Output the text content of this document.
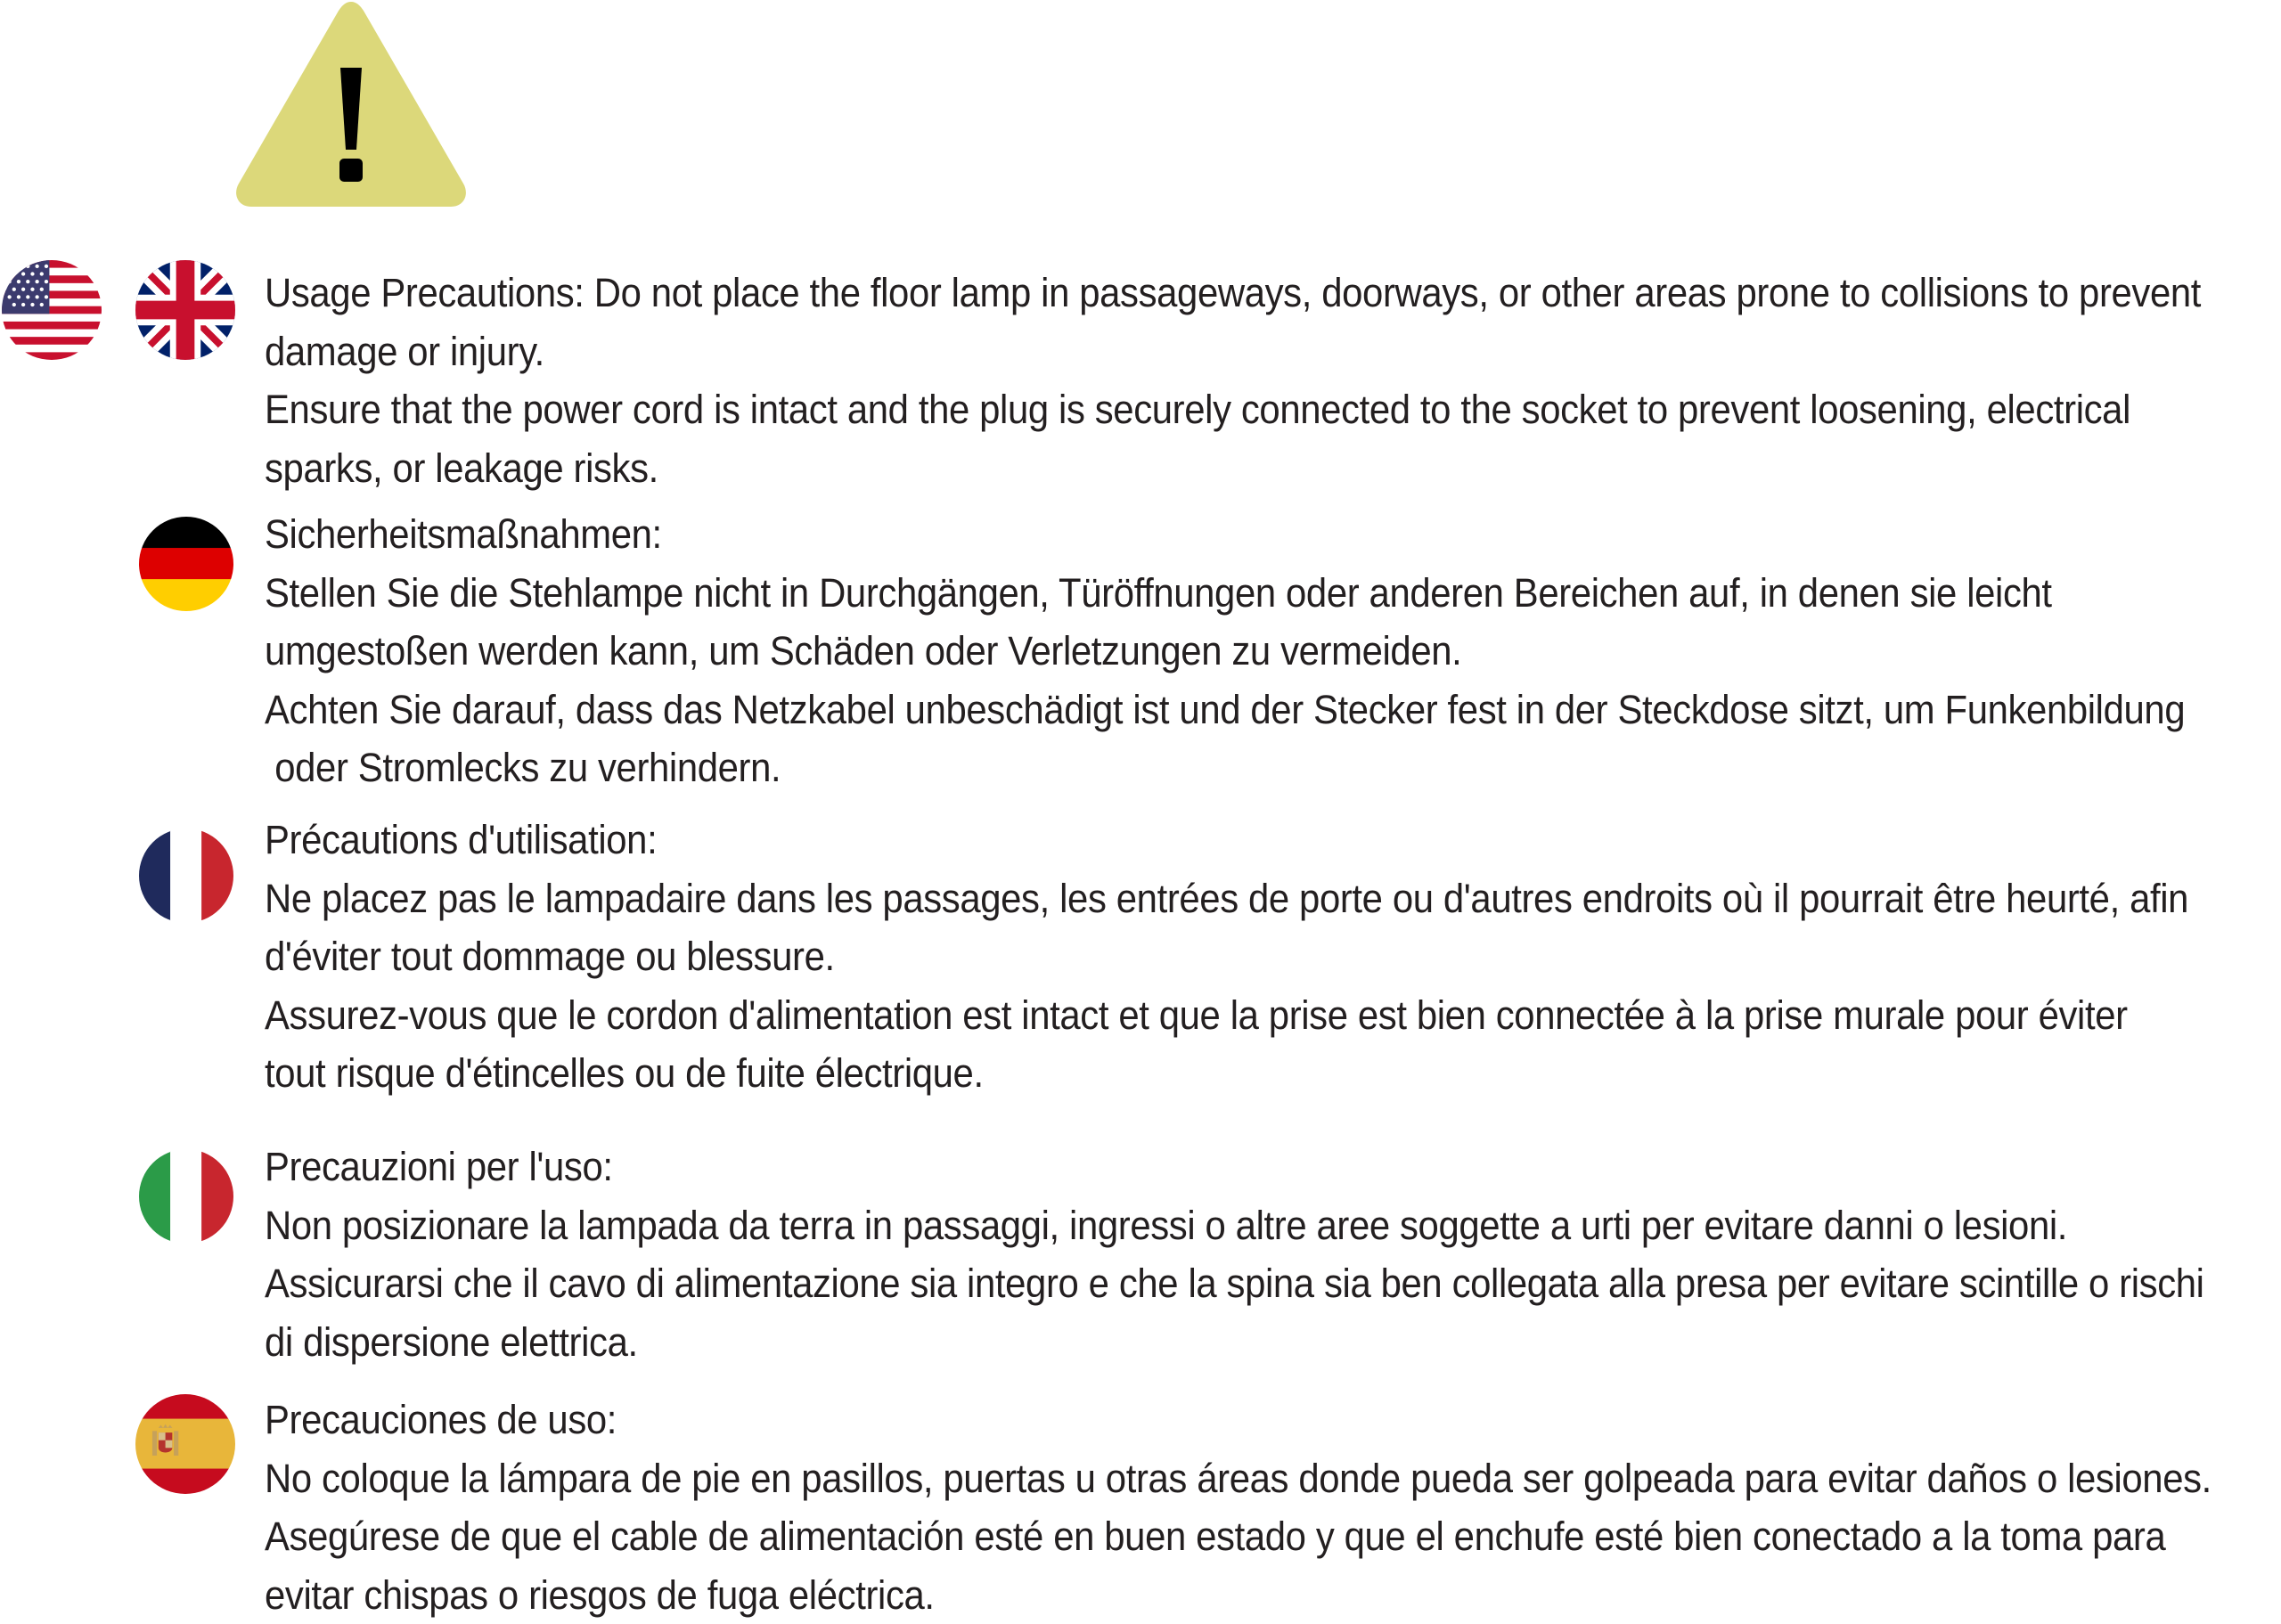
Usage Precautions: Do not place the floor lamp in passageways, doorways, or other areas prone to collisions to prevent
damage or injury.
Ensure that the power cord is intact and the plug is securely connected to the socket to prevent loosening, electrical
sparks, or leakage risks.
Sicherheitsmaßnahmen:
Stellen Sie die Stehlampe nicht in Durchgängen, Türöffnungen oder anderen Bereichen auf, in denen sie leicht
umgestoßen werden kann, um Schäden oder Verletzungen zu vermeiden.
Achten Sie darauf, dass das Netzkabel unbeschädigt ist und der Stecker fest in der Steckdose sitzt, um Funkenbildung
oder Stromlecks zu verhindern.
Précautions d'utilisation:
Ne placez pas le lampadaire dans les passages, les entrées de porte ou d'autres endroits où il pourrait être heurté, afin
d'éviter tout dommage ou blessure.
Assurez-vous que le cordon d'alimentation est intact et que la prise est bien connectée à la prise murale pour éviter
tout risque d'étincelles ou de fuite électrique.
Precauzioni per l'uso:
Non posizionare la lampada da terra in passaggi, ingressi o altre aree soggette a urti per evitare danni o lesioni.
Assicurarsi che il cavo di alimentazione sia integro e che la spina sia ben collegata alla presa per evitare scintille o rischi
di dispersione elettrica.
Precauciones de uso:
No coloque la lámpara de pie en pasillos, puertas u otras áreas donde pueda ser golpeada para evitar daños o lesiones.
Asegúrese de que el cable de alimentación esté en buen estado y que el enchufe esté bien conectado a la toma para
evitar chispas o riesgos de fuga eléctrica.
